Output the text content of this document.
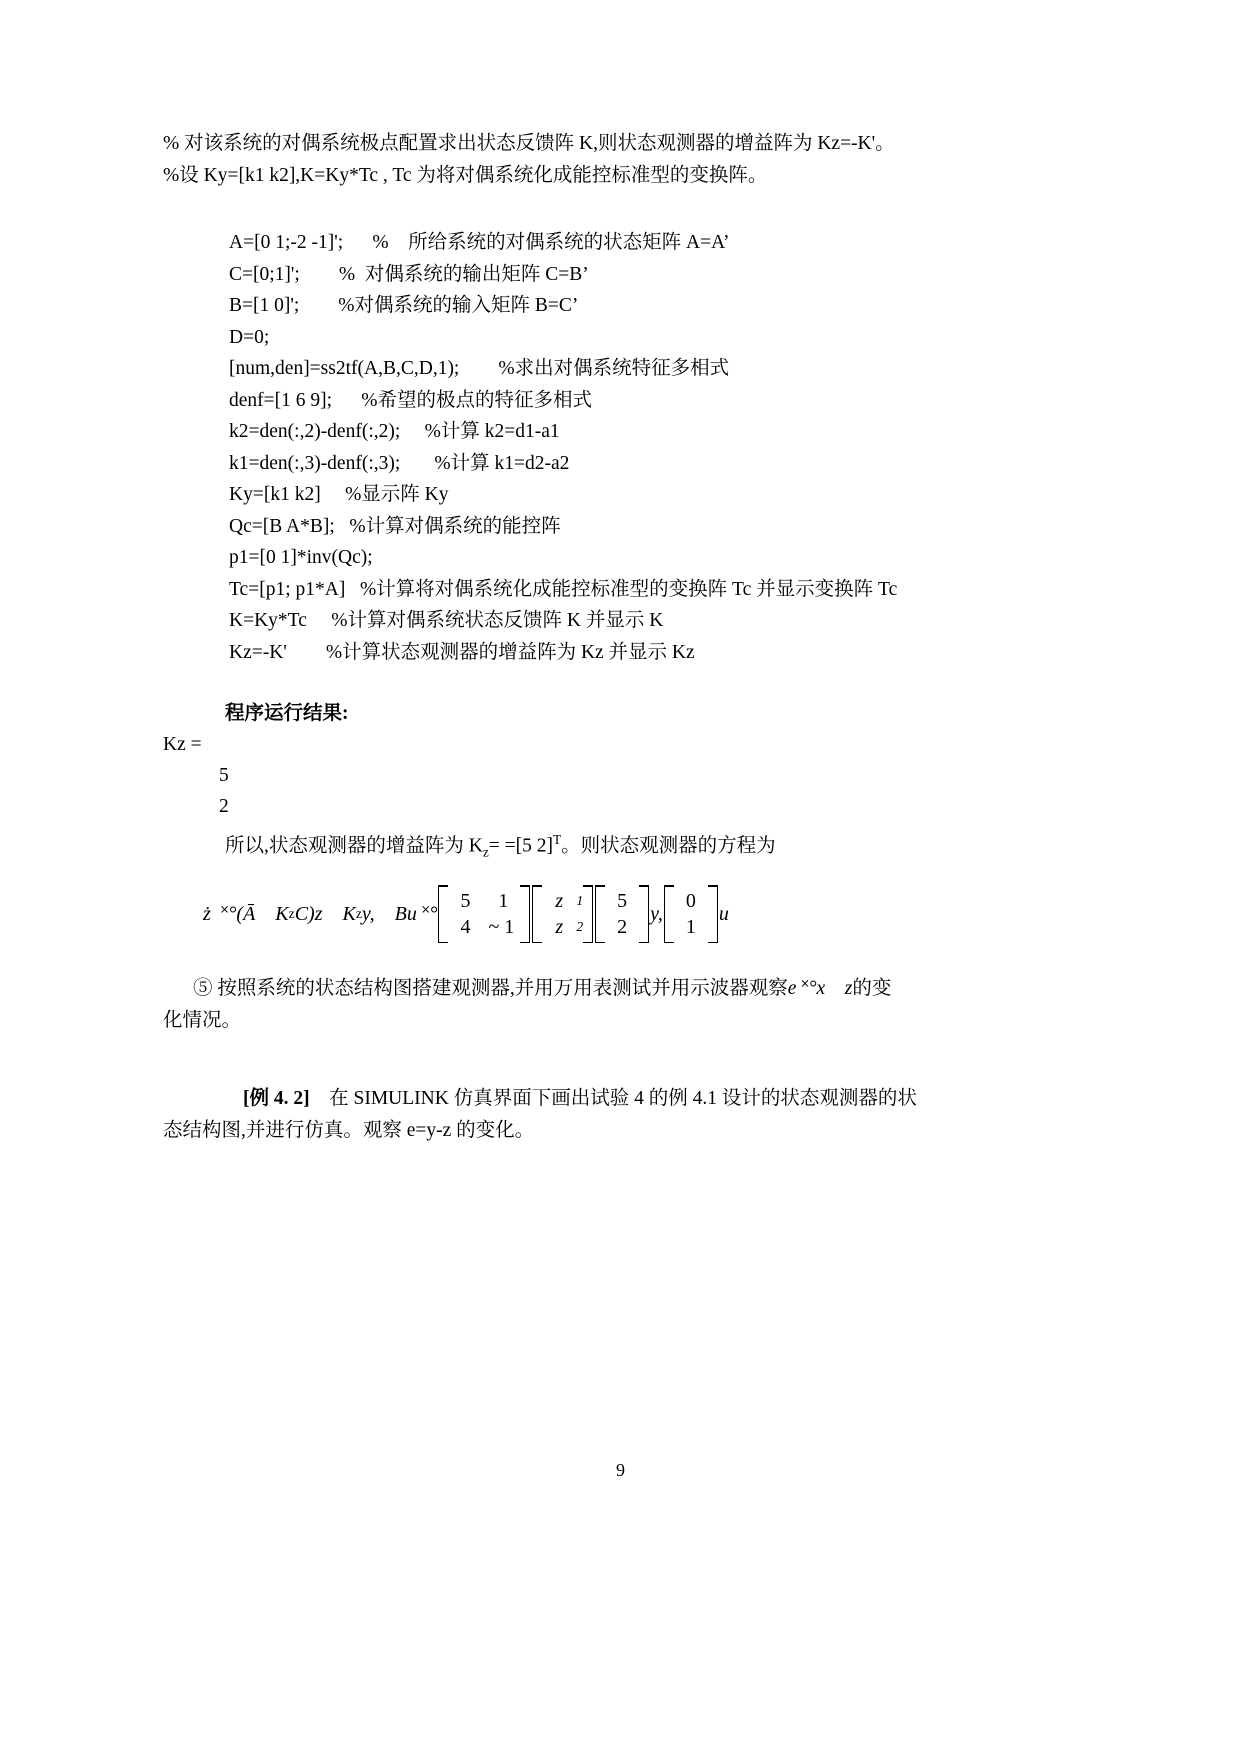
% 对该系统的对偶系统极点配置求出状态反馈阵 K,则状态观测器的增益阵为 Kz=-K'。

%设 Ky=[k1 k2],K=Ky*Tc , Tc 为将对偶系统化成能控标准型的变换阵。

A=[0 1;-2 -1]';      %    所给系统的对偶系统的状态矩阵 A=A’
C=[0;1]';        %  对偶系统的输出矩阵 C=B’
B=[1 0]';        %对偶系统的输入矩阵 B=C’
D=0;
[num,den]=ss2tf(A,B,C,D,1);        %求出对偶系统特征多相式
denf=[1 6 9];      %希望的极点的特征多相式
k2=den(:,2)-denf(:,2);     %计算 k2=d1-a1
k1=den(:,3)-denf(:,3);       %计算 k1=d2-a2
Ky=[k1 k2]     %显示阵 Ky
Qc=[B A*B];   %计算对偶系统的能控阵
p1=[0 1]*inv(Qc);
Tc=[p1; p1*A]   %计算将对偶系统化成能控标准型的变换阵 Tc 并显示变换阵 Tc
K=Ky*Tc     %计算对偶系统状态反馈阵 K 并显示 K
Kz=-K'        %计算状态观测器的增益阵为 Kz 并显示 Kz
程序运行结果:
Kz =
5
2
所以,状态观测器的增益阵为 $K_z= =[5$ 2]$^T$。则状态观测器的方程为
ż  ˟°(Ā    K z C)z    K z y,    Bu ˟°
5	1
4 ~ 1
z 1
z 2
5
2
y,
0
1
u
⑤ 按照系统的状态结构图搭建观测器,并用万用表测试并用示波器观察e ˟°x z的变
化情况。
[例 4. 2] 在 SIMULINK 仿真界面下画出试验 4 的例 4.1 设计的状态观测器的状
态结构图,并进行仿真。观察 e=y-z 的变化。
9
